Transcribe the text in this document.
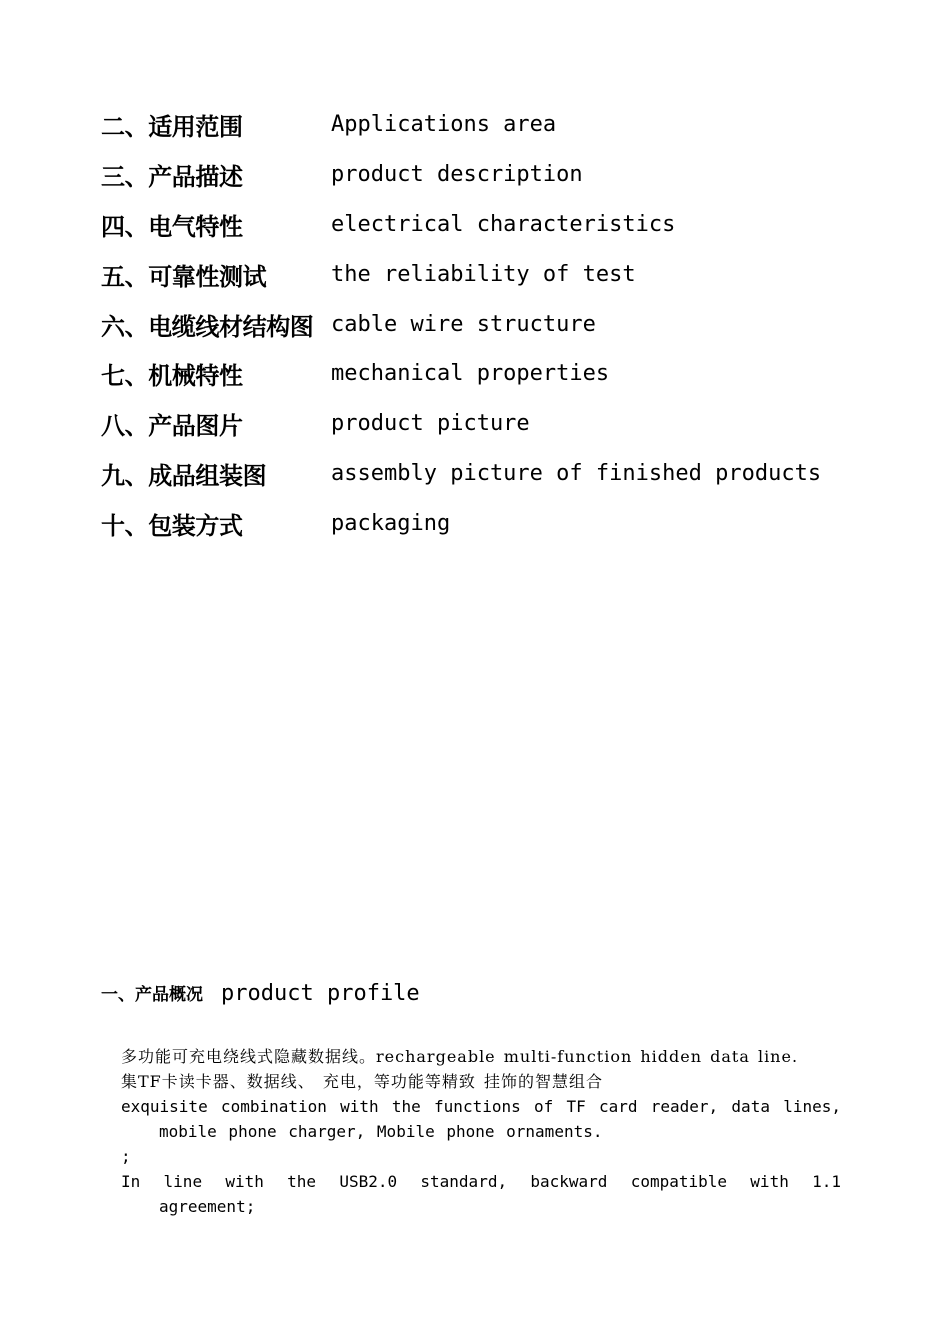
二、适用范围	Applications area
三、产品描述	product description
四、电气特性	electrical characteristics
五、可靠性测试	the reliability of test
六、电缆线材结构图 cable wire structure
七、机械特性	mechanical properties
八、产品图片	product picture
九、成品组装图	assembly picture of finished products
十、包装方式	packaging
一、产品概况 product profile

多功能可充电绕线式隐藏数据线。rechargeable multi-function hidden data line.

集TF卡读卡器、数据线、 充电，等功能等精致 挂饰的智慧组合

exquisite combination with the functions of TF card reader, data lines, mobile phone charger, Mobile phone ornaments.

;

In line with the USB2.0 standard, backward compatible with 1.1 agreement;
